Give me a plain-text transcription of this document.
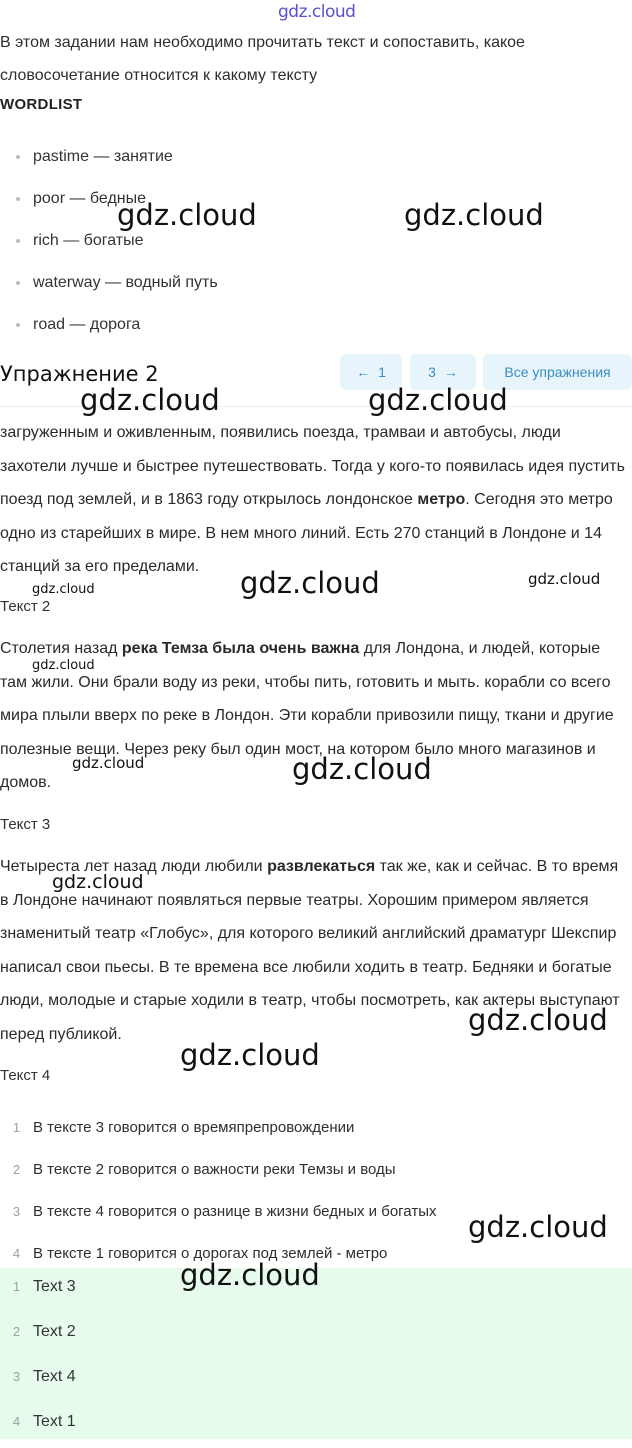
gdz.cloud

В этом задании нам необходимо прочитать текст и сопоставить, какое словосочетание относится к какому тексту

WORDLIST
pastime — занятие
poor — бедные
rich — богатые
waterway — водный путь
road — дорога
Упражнение 2	← 1	3 →	Все упражнения

загруженным и оживленным, появились поезда, трамваи и автобусы, люди захотели лучше и быстрее путешествовать. Тогда у кого-то появилась идея пустить поезд под землей, и в 1863 году открылось лондонское метро. Сегодня это метро одно из старейших в мире. В нем много линий. Есть 270 станций в Лондоне и 14 станций за его пределами.

Текст 2

Столетия назад река Темза была очень важна для Лондона, и людей, которые там жили. Они брали воду из реки, чтобы пить, готовить и мыть. корабли со всего мира плыли вверх по реке в Лондон. Эти корабли привозили пищу, ткани и другие полезные вещи. Через реку был один мост, на котором было много магазинов и домов.

Текст 3

Четыреста лет назад люди любили развлекаться так же, как и сейчас. В то время в Лондоне начинают появляться первые театры. Хорошим примером является знаменитый театр «Глобус», для которого великий английский драматург Шекспир написал свои пьесы. В те времена все любили ходить в театр. Бедняки и богатые люди, молодые и старые ходили в театр, чтобы посмотреть, как актеры выступают перед публикой.

Текст 4
1 В тексте 3 говорится о времяпрепровождении
2 В тексте 2 говорится о важности реки Темзы и воды
3 В тексте 4 говорится о разнице в жизни бедных и богатых
4 В тексте 1 говорится о дорогах под землей - метро
1 Text 3
2 Text 2
3 Text 4
4 Text 1
gdz.cloud	gdz.cloud
gdz.cloud	gdz.cloud
gdz.cloud	gdz.cloud	gdz.cloud
gdz.cloud
gdz.cloud	gdz.cloud
gdz.cloud
gdz.cloud
gdz.cloud
gdz.cloud
gdz.cloud
